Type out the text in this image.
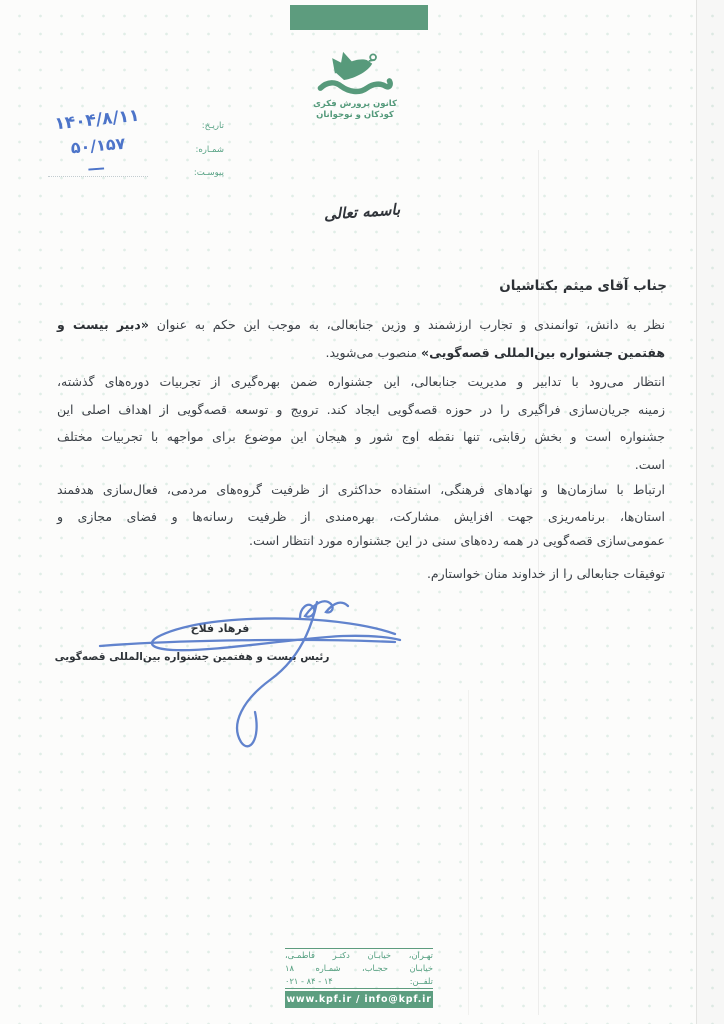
کانون پرورش فکری
کودکان و نوجوانان
تاریـخ:
شمـاره:
پیوسـت:
۱۴۰۴/۸/۱۱
۵۰/۱۵۷
ـــ
باسمه تعالی
جناب آقای میثم بکتاشیان
نظر به دانش، توانمندی و تجارب ارزشمند و وزین جنابعالی، به موجب این حکم به عنوان «دبیر بیست و
هفتمین جشنواره بین‌المللی قصه‌گویی» منصوب می‌شوید.
انتظار می‌رود با تدابیر و مدیریت جنابعالی، این جشنواره ضمن بهره‌گیری از تجربیات دوره‌های گذشته،
زمینه جریان‌سازی فراگیری را در حوزه قصه‌گویی ایجاد کند. ترویج و توسعه قصه‌گویی از اهداف اصلی این
جشنواره است و بخش رقابتی، تنها نقطه اوج شور و هیجان این موضوع برای مواجهه با تجربیات مختلف
است.
ارتباط با سازمان‌ها و نهادهای فرهنگی، استفاده حداکثری از ظرفیت گروه‌های مردمی، فعال‌سازی هدفمند
استان‌ها، برنامه‌ریزی جهت افزایش مشارکت، بهره‌مندی از ظرفیت رسانه‌ها و فضای مجازی و
عمومی‌سازی قصه‌گویی در همه رده‌های سنی در این جشنواره مورد انتظار است.
توفیقات جنابعالی را از خداوند منان خواستارم.
فرهاد فلاح
رئیس بیست و هفتمین جشنواره بین‌المللی قصه‌گویی
تهـران، خیابـان دکتـر فاطمـی،
خیابـان حجـاب، شمـاره ۱۸
تلفــن:
۰۲۱ - ۸۴ - ۱۴
www.kpf.ir / info@kpf.ir
